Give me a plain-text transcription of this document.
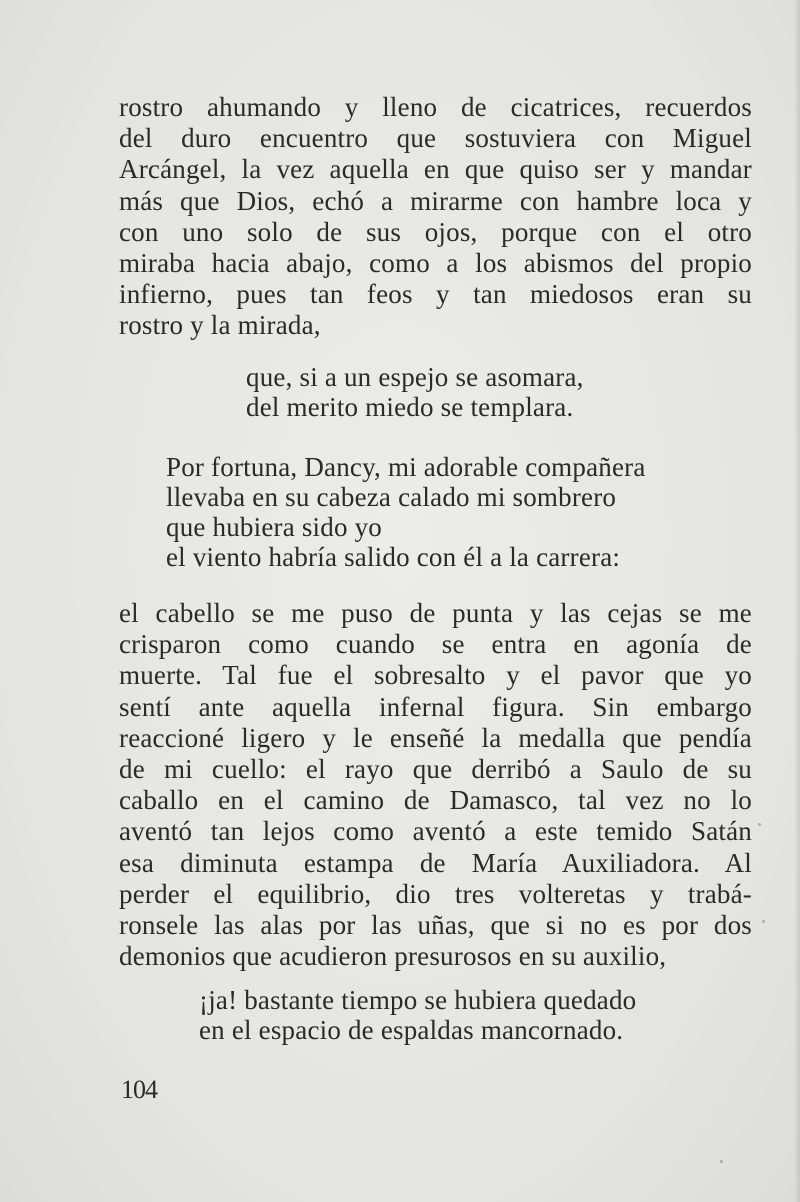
rostro ahumando y lleno de cicatrices, recuerdos
del duro encuentro que sostuviera con Miguel
Arcángel, la vez aquella en que quiso ser y mandar
más que Dios, echó a mirarme con hambre loca y
con uno solo de sus ojos, porque con el otro
miraba hacia abajo, como a los abismos del propio
infierno, pues tan feos y tan miedosos eran su
rostro y la mirada,
que, si a un espejo se asomara,
del merito miedo se templara.
Por fortuna, Dancy, mi adorable compañera
llevaba en su cabeza calado mi sombrero
que hubiera sido yo
el viento habría salido con él a la carrera:
el cabello se me puso de punta y las cejas se me
crisparon como cuando se entra en agonía de
muerte. Tal fue el sobresalto y el pavor que yo
sentí ante aquella infernal figura. Sin embargo
reaccioné ligero y le enseñé la medalla que pendía
de mi cuello: el rayo que derribó a Saulo de su
caballo en el camino de Damasco, tal vez no lo
aventó tan lejos como aventó a este temido Satán
esa diminuta estampa de María Auxiliadora. Al
perder el equilibrio, dio tres volteretas y trabá-
ronsele las alas por las uñas, que si no es por dos
demonios que acudieron presurosos en su auxilio,
¡ja! bastante tiempo se hubiera quedado
en el espacio de espaldas mancornado.
104
